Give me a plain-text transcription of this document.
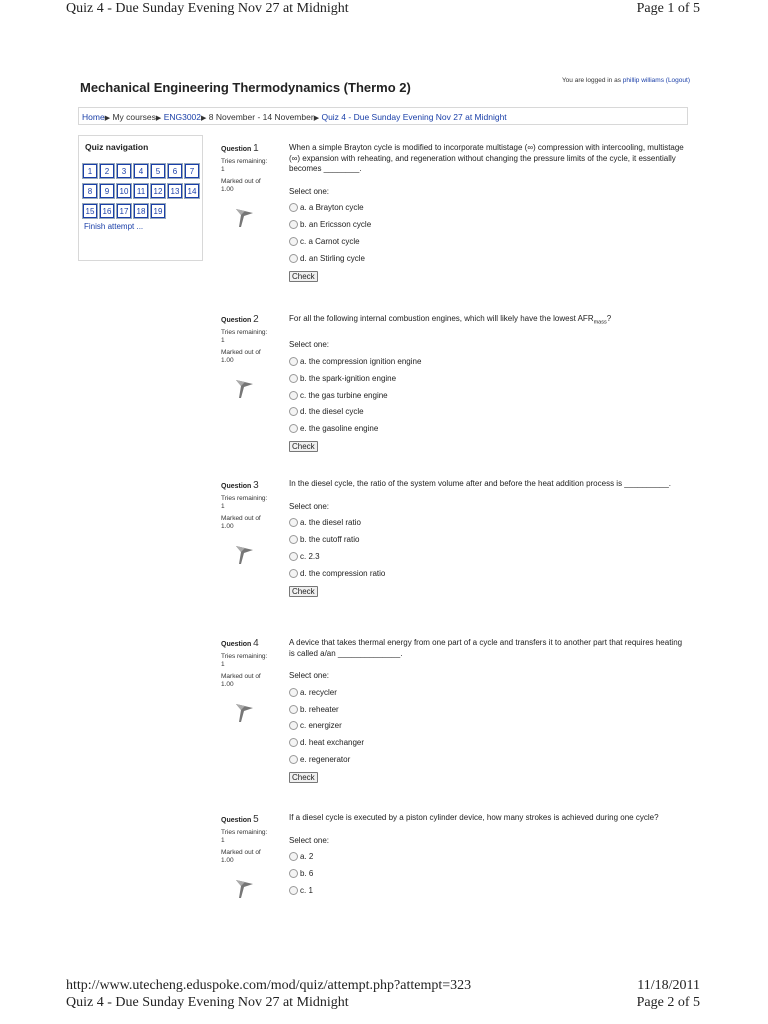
Quiz 4 - Due Sunday Evening Nov 27 at Midnight	Page 1 of 5
Mechanical Engineering Thermodynamics (Thermo 2)	You are logged in as phillip williams (Logout)
Home▶ My courses▶ ENG3002▶ 8 November - 14 November▶ Quiz 4 - Due Sunday Evening Nov 27 at Midnight
Quiz navigation
1	2	3	4	5	6	7
8	9	10	11	12	13	14
15	16	17	18	19
Finish attempt ...
Question 1
Tries remaining:
1
Marked out of
1.00
When a simple Brayton cycle is modified to incorporate multistage (∞) compression with intercooling, multistage (∞) expansion with reheating, and regeneration without changing the pressure limits of the cycle, it essentially becomes ________.
Select one:
a. a Brayton cycle
b. an Ericsson cycle
c. a Carnot cycle
d. an Stirling cycle
Check
Question 2
Tries remaining:
1
Marked out of
1.00
For all the following internal combustion engines, which will likely have the lowest $AFR_{mass}$?
Select one:
a. the compression ignition engine
b. the spark-ignition engine
c. the gas turbine engine
d. the diesel cycle
e. the gasoline engine
Check
Question 3
Tries remaining:
1
Marked out of
1.00
In the diesel cycle, the ratio of the system volume after and before the heat addition process is __________.
Select one:
a. the diesel ratio
b. the cutoff ratio
c. 2.3
d. the compression ratio
Check
Question 4
Tries remaining:
1
Marked out of
1.00
A device that takes thermal energy from one part of a cycle and transfers it to another part that requires heating is called a/an ______________.
Select one:
a. recycler
b. reheater
c. energizer
d. heat exchanger
e. regenerator
Check
Question 5
Tries remaining:
1
Marked out of
1.00
If a diesel cycle is executed by a piston cylinder device, how many strokes is achieved during one cycle?
Select one:
a. 2
b. 6
c. 1
http://www.utecheng.eduspoke.com/mod/quiz/attempt.php?attempt=323	11/18/2011
Quiz 4 - Due Sunday Evening Nov 27 at Midnight	Page 2 of 5
